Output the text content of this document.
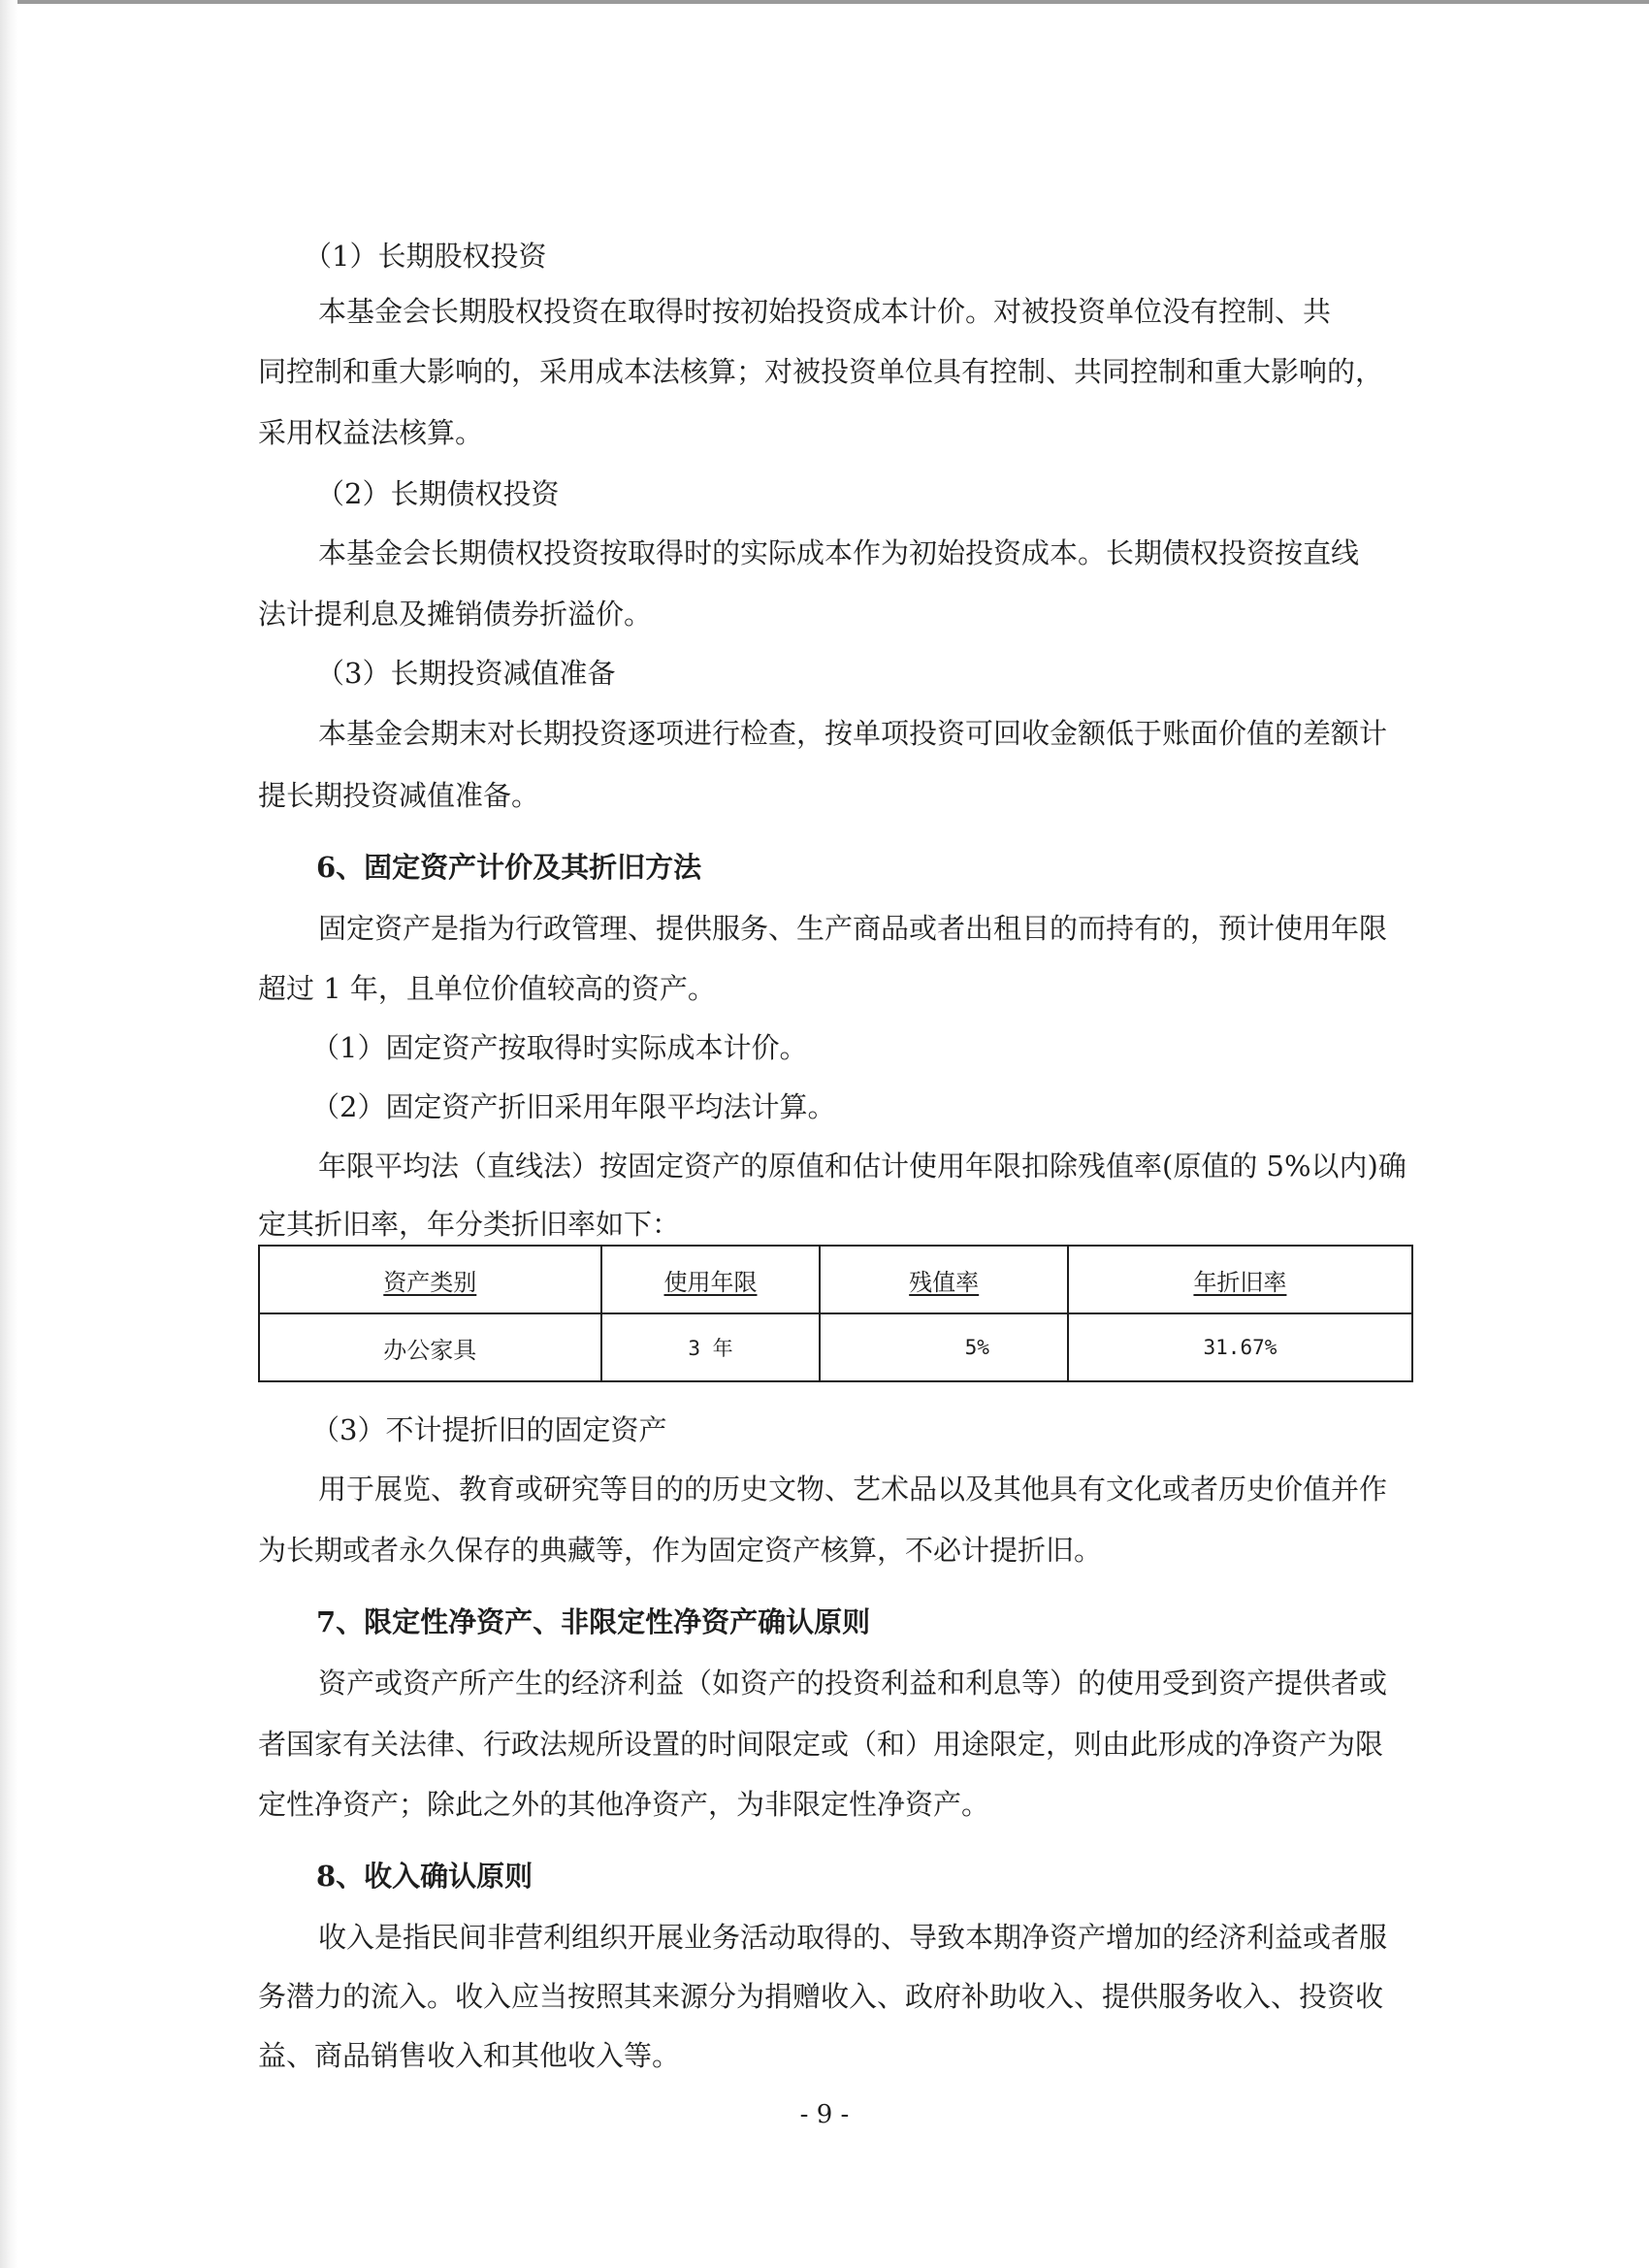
（1）长期股权投资
本基金会长期股权投资在取得时按初始投资成本计价。对被投资单位没有控制、共
同控制和重大影响的，采用成本法核算；对被投资单位具有控制、共同控制和重大影响的，
采用权益法核算。
（2）长期债权投资
本基金会长期债权投资按取得时的实际成本作为初始投资成本。长期债权投资按直线
法计提利息及摊销债券折溢价。
（3）长期投资减值准备
本基金会期末对长期投资逐项进行检查，按单项投资可回收金额低于账面价值的差额计
提长期投资减值准备。
6、固定资产计价及其折旧方法
固定资产是指为行政管理、提供服务、生产商品或者出租目的而持有的，预计使用年限
超过 1 年，且单位价值较高的资产。
（1）固定资产按取得时实际成本计价。
（2）固定资产折旧采用年限平均法计算。
年限平均法（直线法）按固定资产的原值和估计使用年限扣除残值率(原值的 5%以内)确
定其折旧率，年分类折旧率如下：
资产类别	使用年限	残值率	年折旧率
办公家具	3 年	5%	31.67%
（3）不计提折旧的固定资产
用于展览、教育或研究等目的的历史文物、艺术品以及其他具有文化或者历史价值并作
为长期或者永久保存的典藏等，作为固定资产核算，不必计提折旧。
7、限定性净资产、非限定性净资产确认原则
资产或资产所产生的经济利益（如资产的投资利益和利息等）的使用受到资产提供者或
者国家有关法律、行政法规所设置的时间限定或（和）用途限定，则由此形成的净资产为限
定性净资产；除此之外的其他净资产，为非限定性净资产。
8、收入确认原则
收入是指民间非营利组织开展业务活动取得的、导致本期净资产增加的经济利益或者服
务潜力的流入。收入应当按照其来源分为捐赠收入、政府补助收入、提供服务收入、投资收
益、商品销售收入和其他收入等。
- 9 -
